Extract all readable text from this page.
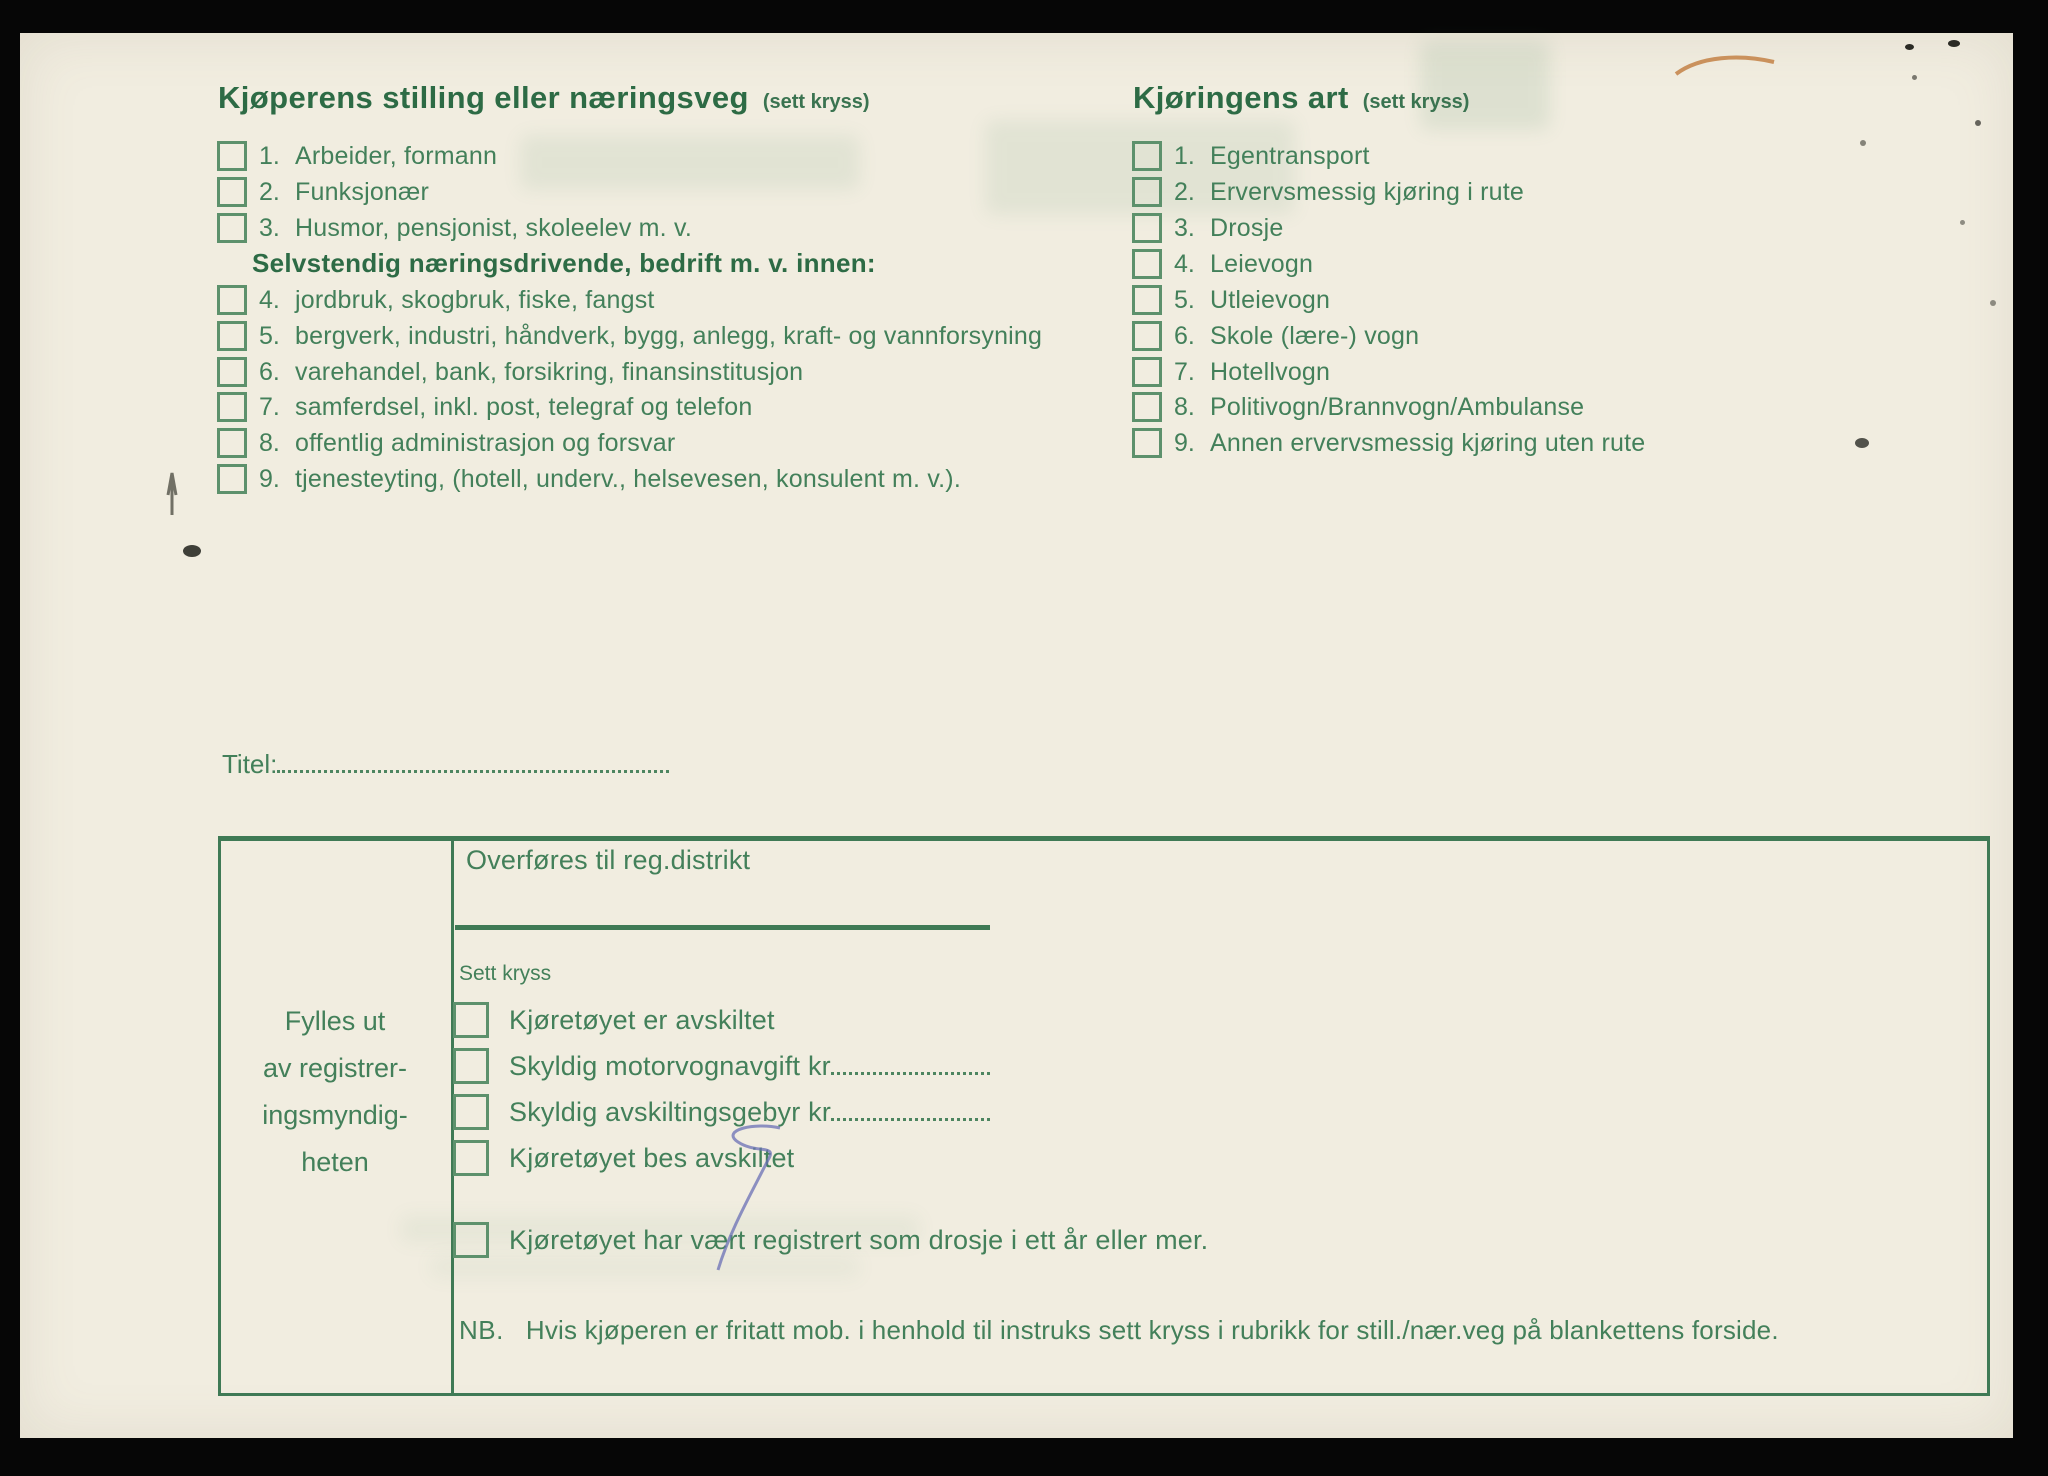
Kjøperens stilling eller næringsveg (sett kryss)
1. Arbeider, formann
2. Funksjonær
3. Husmor, pensjonist, skoleelev m. v.
Selvstendig næringsdrivende, bedrift m. v. innen:
4. jordbruk, skogbruk, fiske, fangst
5. bergverk, industri, håndverk, bygg, anlegg, kraft- og vannforsyning
6. varehandel, bank, forsikring, finansinstitusjon
7. samferdsel, inkl. post, telegraf og telefon
8. offentlig administrasjon og forsvar
9. tjenesteyting, (hotell, underv., helsevesen, konsulent m. v.).
Kjøringens art (sett kryss)
1. Egentransport
2. Ervervsmessig kjøring i rute
3. Drosje
4. Leievogn
5. Utleievogn
6. Skole (lære-) vogn
7. Hotellvogn
8. Politivogn/Brannvogn/Ambulanse
9. Annen ervervsmessig kjøring uten rute
Titel:
Fylles ut
av registrer-
ingsmyndig-
heten
Overføres til reg.distrikt
Sett kryss
Kjøretøyet er avskiltet
Skyldig motorvognavgift kr
Skyldig avskiltingsgebyr kr
Kjøretøyet bes avskiltet
Kjøretøyet har vært registrert som drosje i ett år eller mer.
NB. Hvis kjøperen er fritatt mob. i henhold til instruks sett kryss i rubrikk for still./nær.veg på blankettens forside.
